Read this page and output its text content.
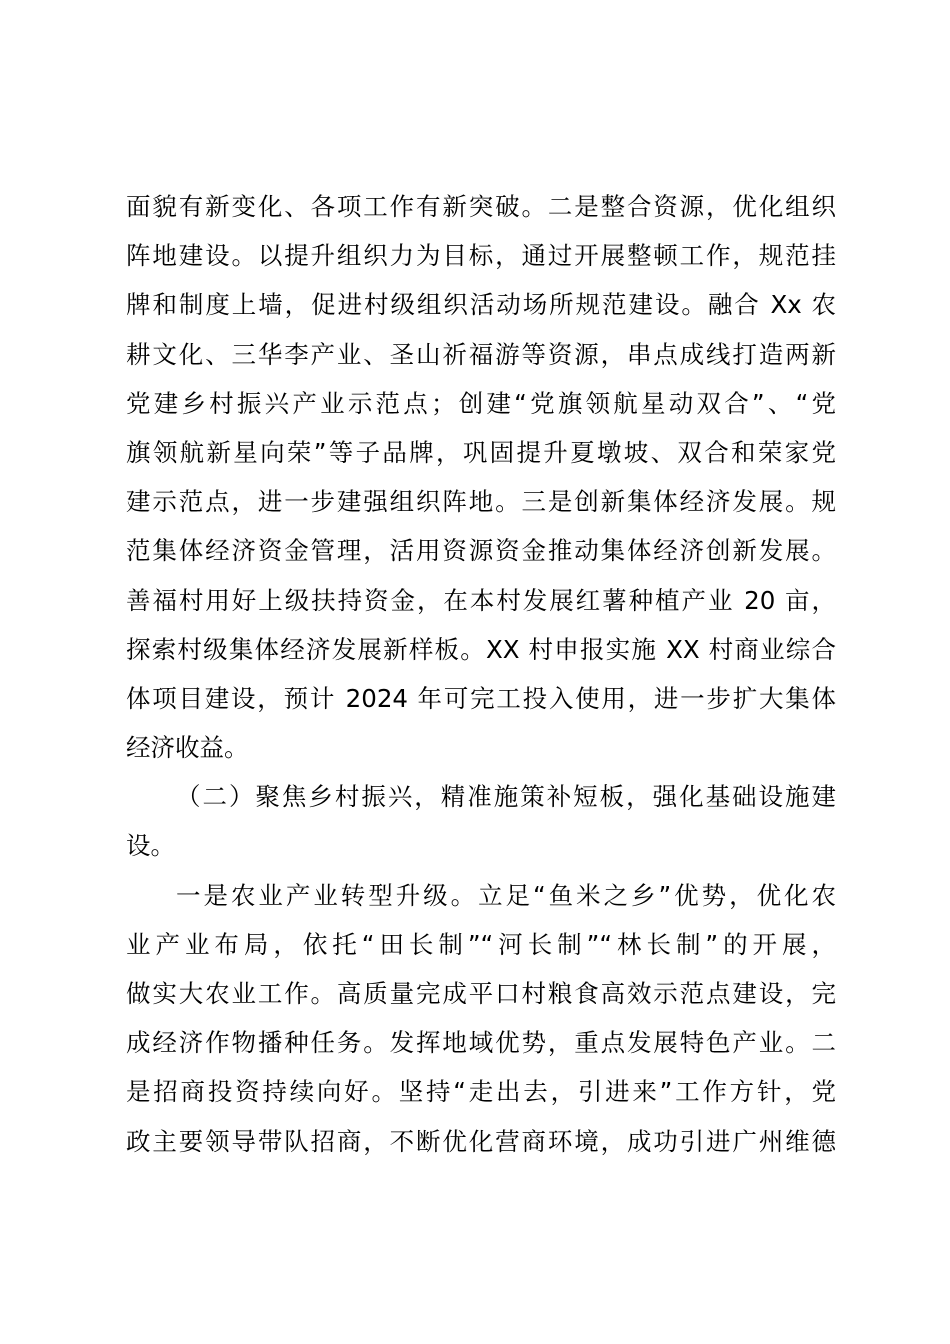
面貌有新变化、各项工作有新突破。二是整合资源，优化组织
阵地建设。以提升组织力为目标，通过开展整顿工作，规范挂
牌和制度上墙，促进村级组织活动场所规范建设。融合 Xx 农
耕文化、三华李产业、圣山祈福游等资源，串点成线打造两新
党建乡村振兴产业示范点；创建“党旗领航星动双合”、“党
旗领航新星向荣”等子品牌，巩固提升夏墩坡、双合和荣家党
建示范点，进一步建强组织阵地。三是创新集体经济发展。规
范集体经济资金管理，活用资源资金推动集体经济创新发展。
善福村用好上级扶持资金，在本村发展红薯种植产业 20 亩，
探索村级集体经济发展新样板。XX 村申报实施 XX 村商业综合
体项目建设，预计 2024 年可完工投入使用，进一步扩大集体
经济收益。
（二）聚焦乡村振兴，精准施策补短板，强化基础设施建
设。
一是农业产业转型升级。立足“鱼米之乡”优势，优化农
业产业布局，依托“田长制”“河长制”“林长制”的开展，
做实大农业工作。高质量完成平口村粮食高效示范点建设，完
成经济作物播种任务。发挥地域优势，重点发展特色产业。二
是招商投资持续向好。坚持“走出去，引进来”工作方针，党
政主要领导带队招商，不断优化营商环境，成功引进广州维德
